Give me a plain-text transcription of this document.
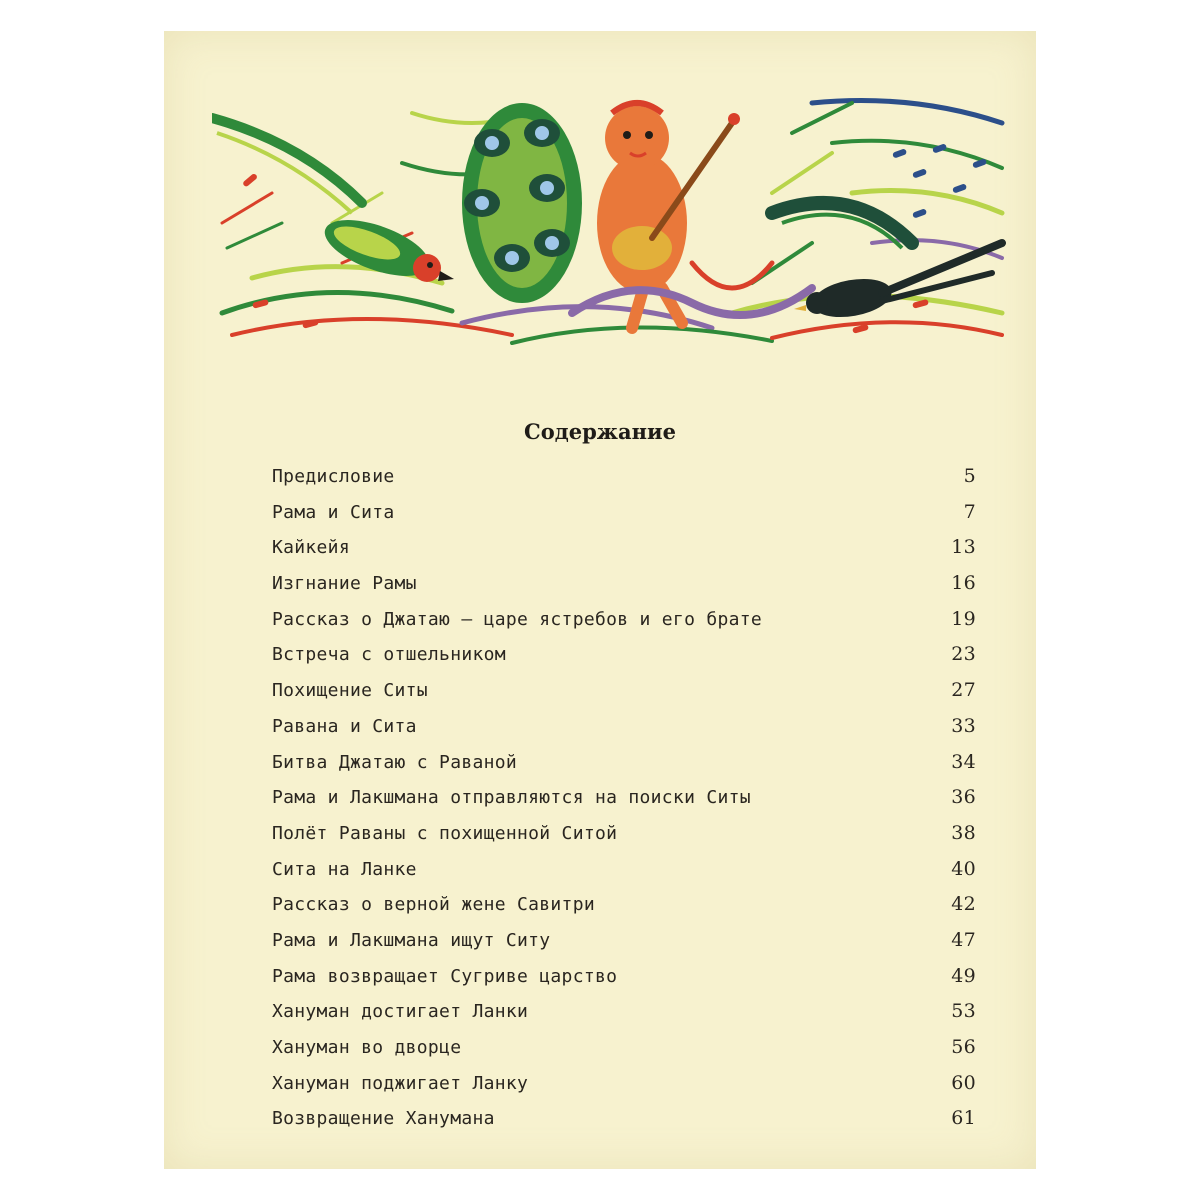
Содержание
Предисловие	5
Рама и Сита	7
Кайкейя	13
Изгнание Рамы	16
Рассказ о Джатаю — царе ястребов и его брате	19
Встреча с отшельником	23
Похищение Ситы	27
Равана и Сита	33
Битва Джатаю с Раваной	34
Рама и Лакшмана отправляются на поиски Ситы	36
Полёт Раваны с похищенной Ситой	38
Сита на Ланке	40
Рассказ о верной жене Савитри	42
Рама и Лакшмана ищут Ситу	47
Рама возвращает Сугриве царство	49
Хануман достигает Ланки	53
Хануман во дворце	56
Хануман поджигает Ланку	60
Возвращение Ханумана	61
